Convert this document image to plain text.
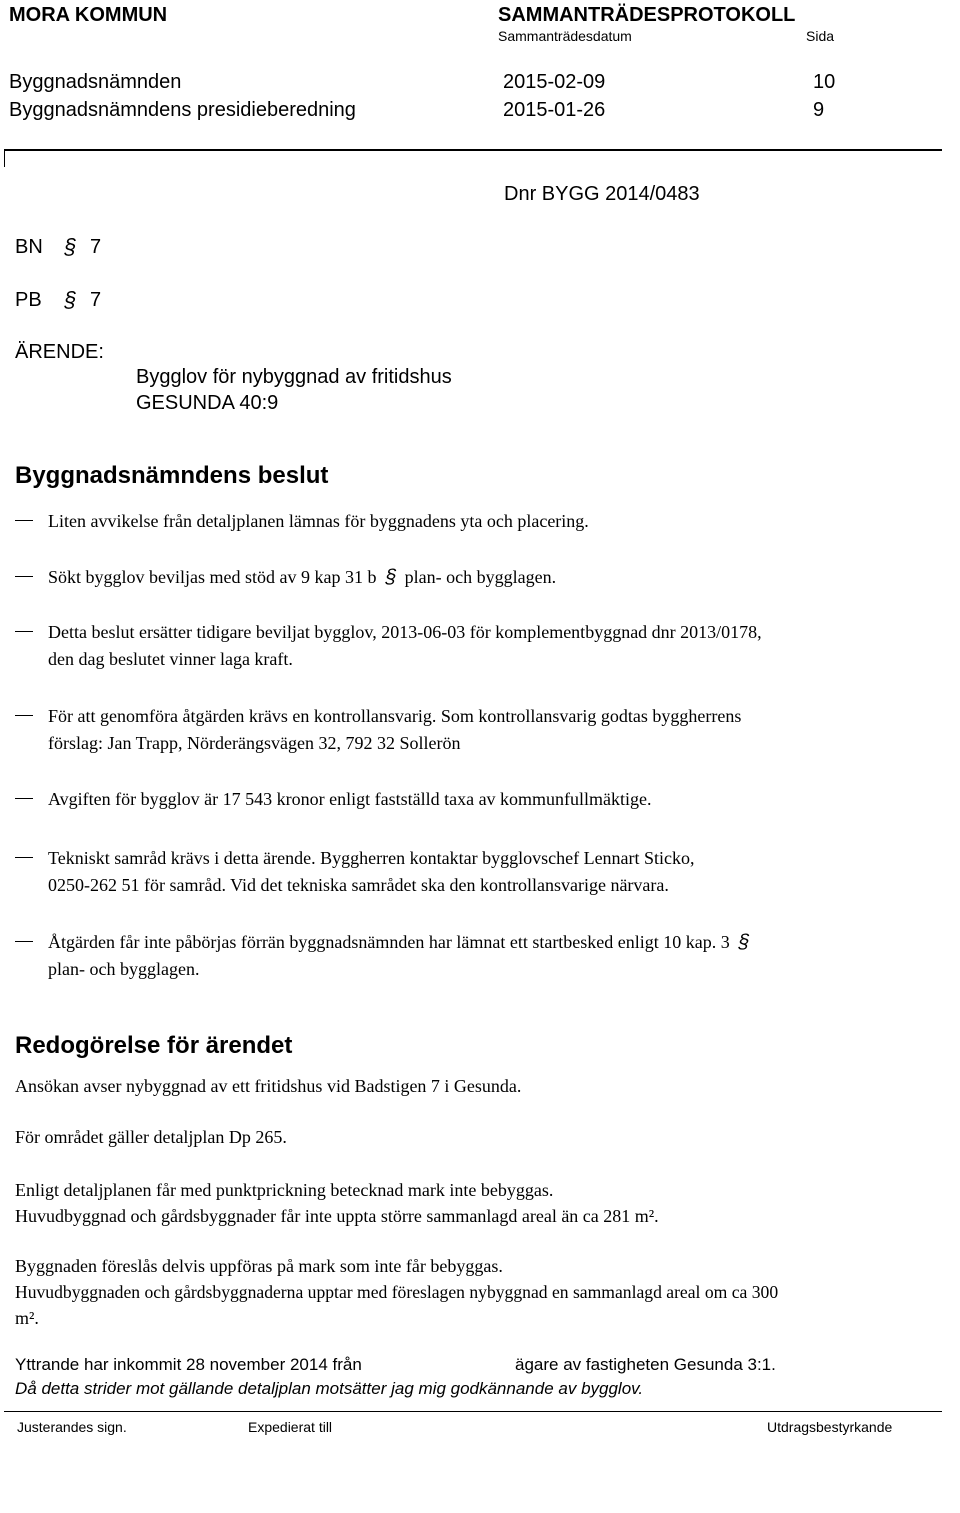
MORA KOMMUN	SAMMANTRÄDESPROTOKOLL
Sammanträdesdatum	Sida
Byggnadsnämnden	2015-02-09	10
Byggnadsnämndens presidieberedning	2015-01-26	9
Dnr BYGG 2014/0483
BN § 7
PB § 7
ÄRENDE:
Bygglov för nybyggnad av fritidshus
GESUNDA 40:9
Byggnadsnämndens beslut
Liten avvikelse från detaljplanen lämnas för byggnadens yta och placering.
Sökt bygglov beviljas med stöd av 9 kap 31 b § plan- och bygglagen.
Detta beslut ersätter tidigare beviljat bygglov, 2013-06-03 för komplementbyggnad dnr 2013/0178,
den dag beslutet vinner laga kraft.
För att genomföra åtgärden krävs en kontrollansvarig. Som kontrollansvarig godtas byggherrens
förslag: Jan Trapp, Nörderängsvägen 32, 792 32 Sollerön
Avgiften för bygglov är 17 543 kronor enligt fastställd taxa av kommunfullmäktige.
Tekniskt samråd krävs i detta ärende. Byggherren kontaktar bygglovschef Lennart Sticko,
0250-262 51 för samråd. Vid det tekniska samrådet ska den kontrollansvarige närvara.
Åtgärden får inte påbörjas förrän byggnadsnämnden har lämnat ett startbesked enligt 10 kap. 3 §
plan- och bygglagen.
Redogörelse för ärendet
Ansökan avser nybyggnad av ett fritidshus vid Badstigen 7 i Gesunda.
För området gäller detaljplan Dp 265.
Enligt detaljplanen får med punktprickning betecknad mark inte bebyggas.
Huvudbyggnad och gårdsbyggnader får inte uppta större sammanlagd areal än ca 281 m².
Byggnaden föreslås delvis uppföras på mark som inte får bebyggas.
Huvudbyggnaden och gårdsbyggnaderna upptar med föreslagen nybyggnad en sammanlagd areal om ca 300
m².
Yttrande har inkommit 28 november 2014 från	ägare av fastigheten Gesunda 3:1.
Då detta strider mot gällande detaljplan motsätter jag mig godkännande av bygglov.
Justerandes sign.	Expedierat till	Utdragsbestyrkande
